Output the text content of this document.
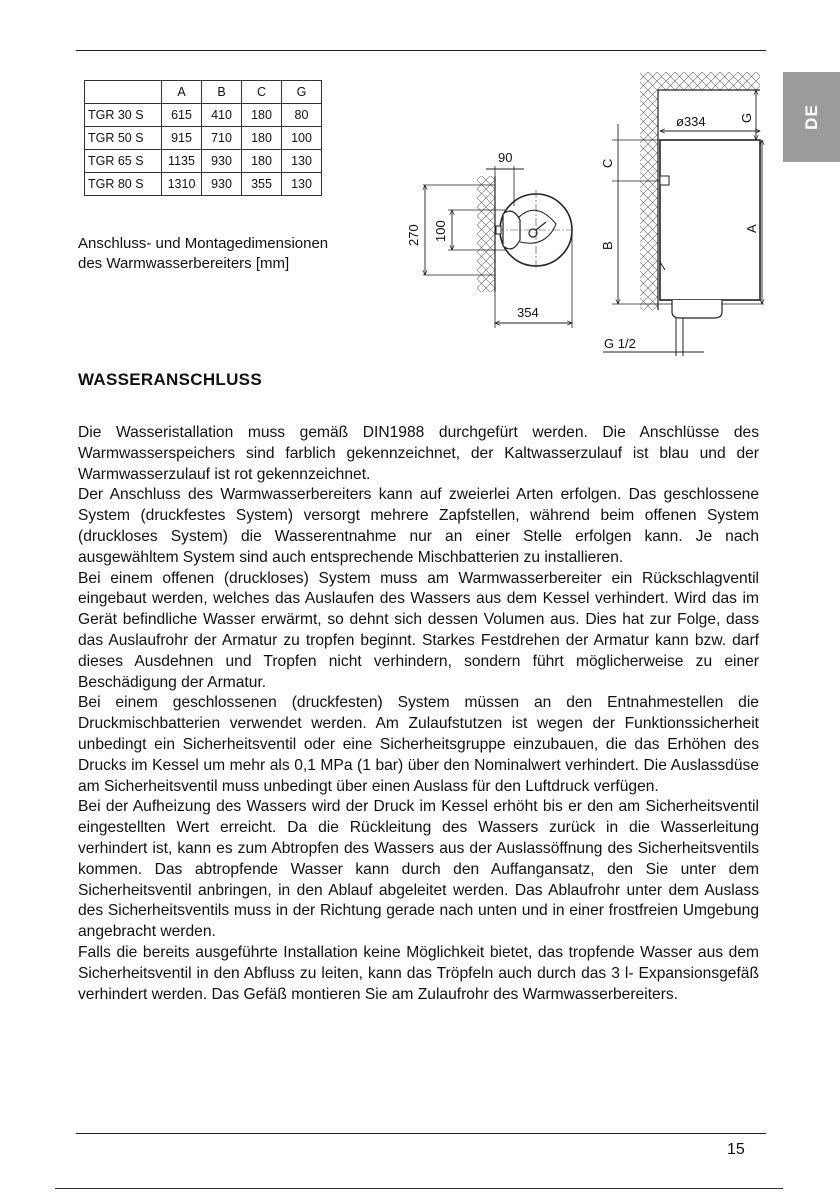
DE
	A	B	C	G
TGR 30 S	615	410	180	80
TGR 50 S	915	710	180	100
TGR 65 S	1135	930	180	130
TGR 80 S	1310	930	355	130
Anschluss- und Montagedimensionen
des Warmwasserbereiters [mm]
90
270 100
354
ø334	G
C
B
A
G 1/2
WASSERANSCHLUSS

Die Wasseristallation muss gemäß DIN1988 durchgefürt werden. Die Anschlüsse des Warmwasserspeichers sind farblich gekennzeichnet, der Kaltwasserzulauf ist blau und der Warmwasserzulauf ist rot gekennzeichnet.

Der Anschluss des Warmwasserbereiters kann auf zweierlei Arten erfolgen. Das geschlossene System (druckfestes System) versorgt mehrere Zapfstellen, während beim offenen System (druckloses System) die Wasserentnahme nur an einer Stelle erfolgen kann. Je nach ausgewähltem System sind auch entsprechende Mischbatterien zu installieren.

Bei einem offenen (druckloses) System muss am Warmwasserbereiter ein Rückschlagventil eingebaut werden, welches das Auslaufen des Wassers aus dem Kessel verhindert. Wird das im Gerät befindliche Wasser erwärmt, so dehnt sich dessen Volumen aus. Dies hat zur Folge, dass das Auslaufrohr der Armatur zu tropfen beginnt. Starkes Festdrehen der Armatur kann bzw. darf dieses Ausdehnen und Tropfen nicht verhindern, sondern führt möglicherweise zu einer Beschädigung der Armatur.

Bei einem geschlossenen (druckfesten) System müssen an den Entnahmestellen die Druckmischbatterien verwendet werden. Am Zulaufstutzen ist wegen der Funktionssicherheit unbedingt ein Sicherheitsventil oder eine Sicherheitsgruppe einzubauen, die das Erhöhen des Drucks im Kessel um mehr als 0,1 MPa (1 bar) über den Nominalwert verhindert. Die Auslassdüse am Sicherheitsventil muss unbedingt über einen Auslass für den Luftdruck verfügen.

Bei der Aufheizung des Wassers wird der Druck im Kessel erhöht bis er den am Sicherheitsventil eingestellten Wert erreicht. Da die Rückleitung des Wassers zurück in die Wasserleitung verhindert ist, kann es zum Abtropfen des Wassers aus der Auslassöffnung des Sicherheitsventils kommen. Das abtropfende Wasser kann durch den Auffangansatz, den Sie unter dem Sicherheitsventil anbringen, in den Ablauf abgeleitet werden. Das Ablaufrohr unter dem Auslass des Sicherheitsventils muss in der Richtung gerade nach unten und in einer frostfreien Umgebung angebracht werden.

Falls die bereits ausgeführte Installation keine Möglichkeit bietet, das tropfende Wasser aus dem Sicherheitsventil in den Abfluss zu leiten, kann das Tröpfeln auch durch das 3 l- Expansionsgefäß verhindert werden. Das Gefäß montieren Sie am Zulaufrohr des Warmwasserbereiters.

15
